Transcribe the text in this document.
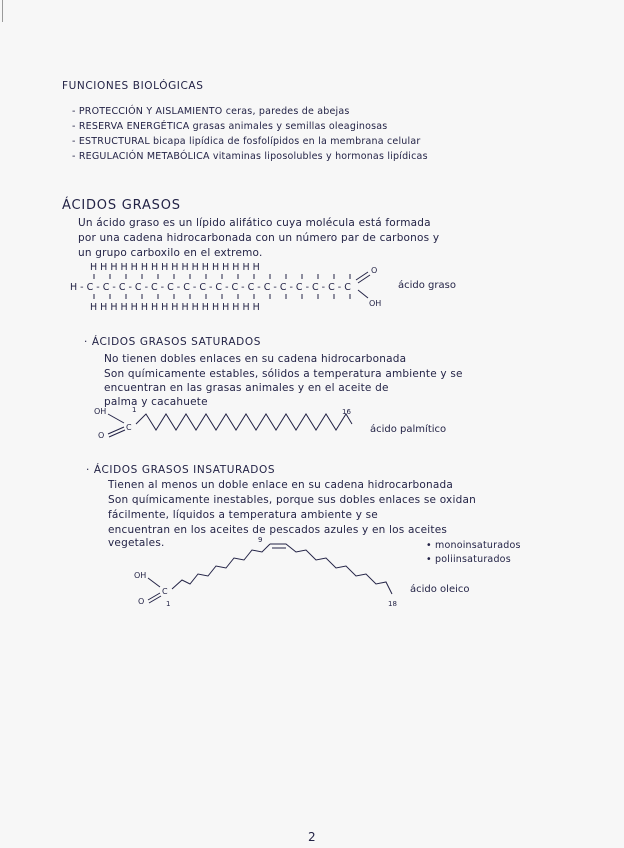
FUNCIONES BIOLÓGICAS
- PROTECCIÓN Y AISLAMIENTO ceras, paredes de abejas
- RESERVA ENERGÉTICA grasas animales y semillas oleaginosas
- ESTRUCTURAL bicapa lipídica de fosfolípidos en la membrana celular
- REGULACIÓN METABÓLICA vitaminas liposolubles y hormonas lipídicas
ÁCIDOS GRASOS
Un ácido graso es un lípido alifático cuya molécula está formada
por una cadena hidrocarbonada con un número par de carbonos y
un grupo carboxilo en el extremo.
H H H H H H H H H H H H H H H H H
H - C - C - C - C - C - C - C - C - C - C - C - C - C - C - C - C - C
H H H H H H H H H H H H H H H H H
O
OH
ácido graso
· ÁCIDOS GRASOS SATURADOS
No tienen dobles enlaces en su cadena hidrocarbonada
Son químicamente estables, sólidos a temperatura ambiente y se
encuentran en las grasas animales y en el aceite de
palma y cacahuete
OH	1
C
O
16
ácido palmítico
· ÁCIDOS GRASOS INSATURADOS
Tienen al menos un doble enlace en su cadena hidrocarbonada
Son químicamente inestables, porque sus dobles enlaces se oxidan
fácilmente, líquidos a temperatura ambiente y se
encuentran en los aceites de pescados azules y en los aceites
vegetales.	• monoinsaturados
• poliinsaturados
9
OH
C
O	1	18
ácido oleico
2
